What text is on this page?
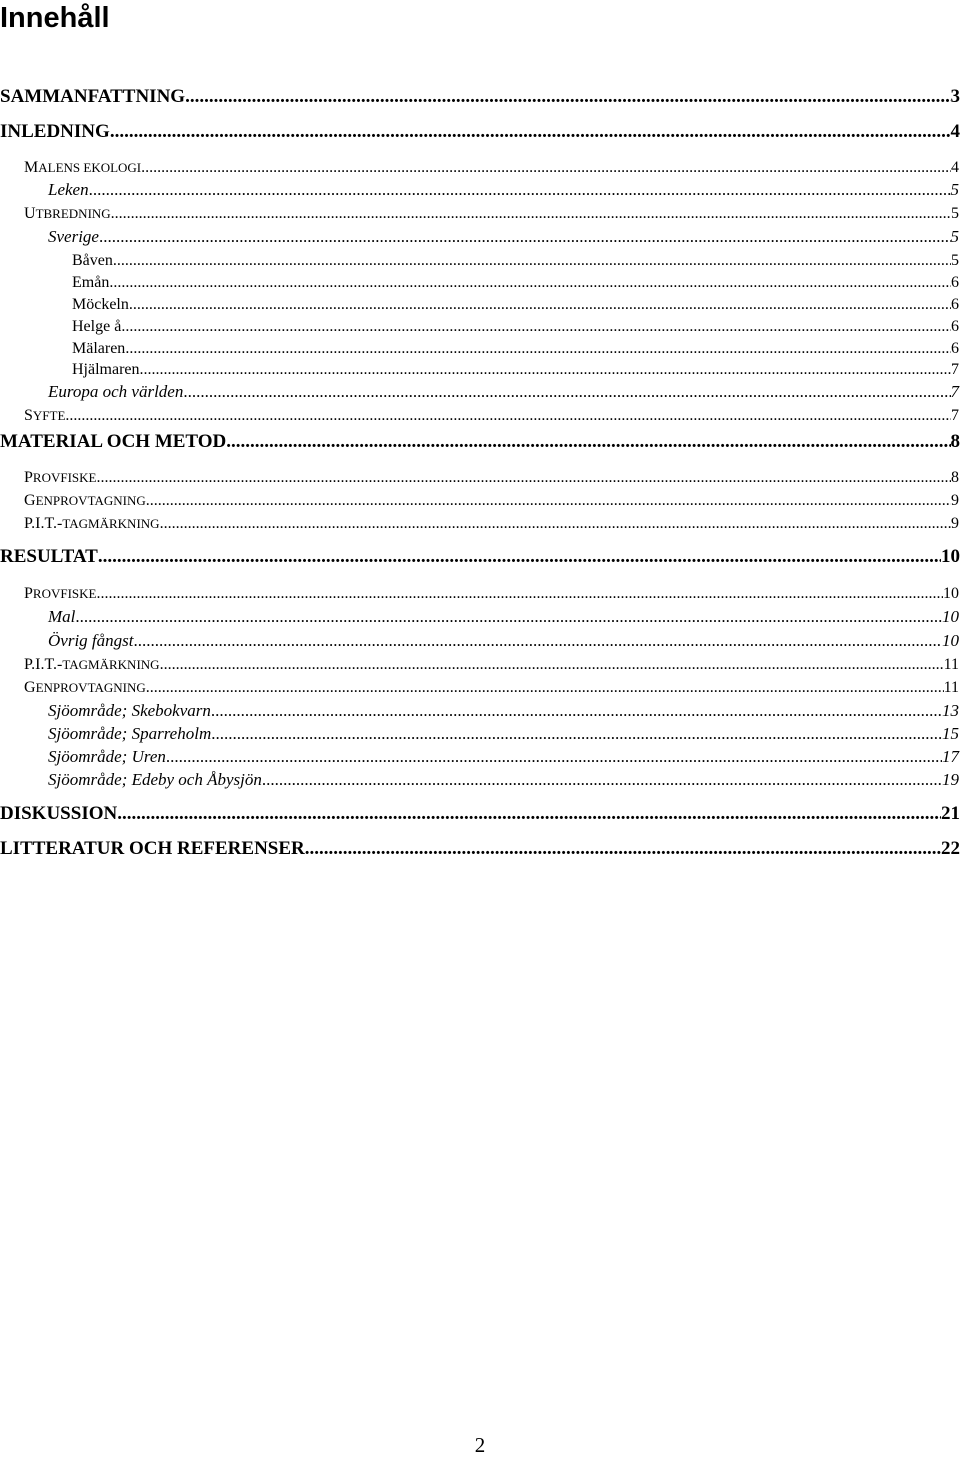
Innehåll
SAMMANFATTNING .....	3
INLEDNING .....	4
MALENS EKOLOGI .....	4
Leken .....	5
UTBREDNING .....	5
Sverige .....	5
Båven .....	5
Emån .....	6
Möckeln .....	6
Helge å .....	6
Mälaren .....	6
Hjälmaren .....	7
Europa och världen .....	7
SYFTE .....	7
MATERIAL OCH METOD .....	8
PROVFISKE .....	8
GENPROVTAGNING .....	9
P.I.T.-TAGMÄRKNING .....	9
RESULTAT .....	10
PROVFISKE .....	10
Mal .....	10
Övrig fångst .....	10
P.I.T.-TAGMÄRKNING .....	11
GENPROVTAGNING .....	11
Sjöområde; Skebokvarn .....	13
Sjöområde; Sparreholm .....	15
Sjöområde; Uren .....	17
Sjöområde; Edeby och Åbysjön .....	19
DISKUSSION .....	21
LITTERATUR OCH REFERENSER .....	22
2
